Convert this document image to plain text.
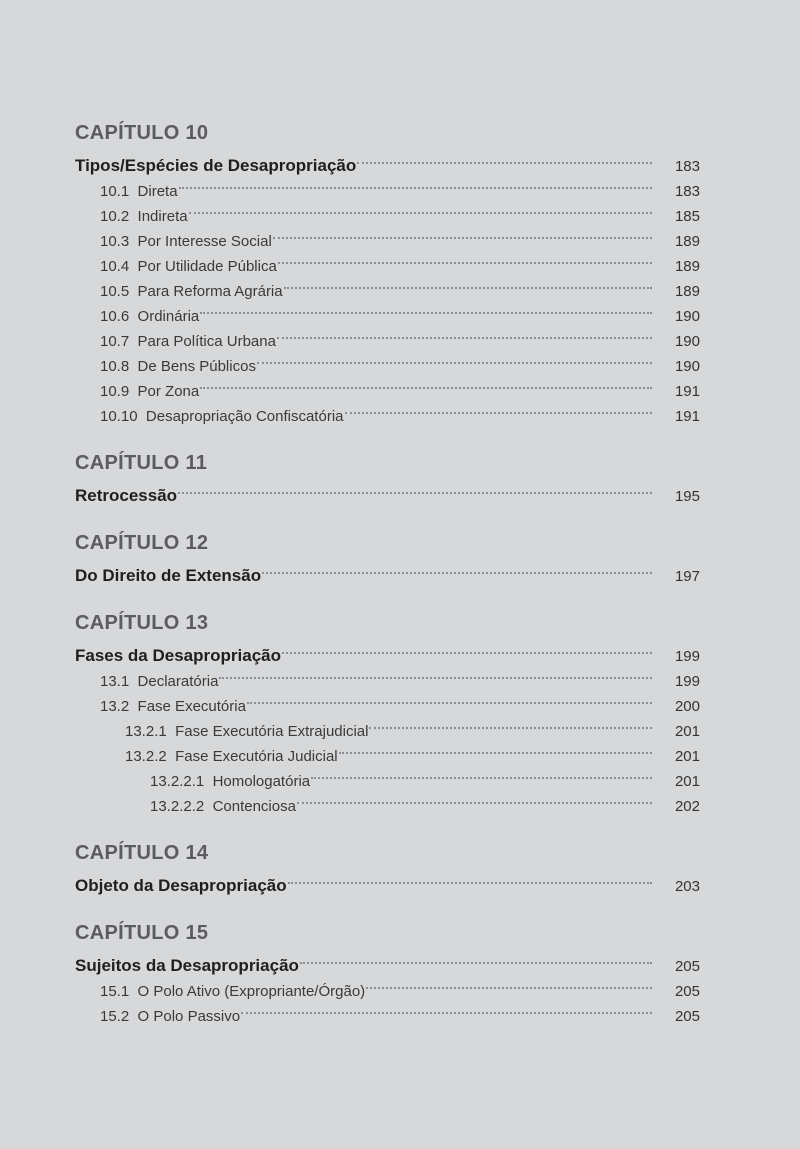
CAPÍTULO 10
Tipos/Espécies de Desapropriação	183
10.1 Direta	183
10.2 Indireta	185
10.3 Por Interesse Social	189
10.4 Por Utilidade Pública	189
10.5 Para Reforma Agrária	189
10.6 Ordinária	190
10.7 Para Política Urbana	190
10.8 De Bens Públicos	190
10.9 Por Zona	191
10.10 Desapropriação Confiscatória	191
CAPÍTULO 11
Retrocessão	195
CAPÍTULO 12
Do Direito de Extensão	197
CAPÍTULO 13
Fases da Desapropriação	199
13.1 Declaratória	199
13.2 Fase Executória	200
13.2.1 Fase Executória Extrajudicial	201
13.2.2 Fase Executória Judicial	201
13.2.2.1 Homologatória	201
13.2.2.2 Contenciosa	202
CAPÍTULO 14
Objeto da Desapropriação	203
CAPÍTULO 15
Sujeitos da Desapropriação	205
15.1 O Polo Ativo (Expropriante/Órgão)	205
15.2 O Polo Passivo	205
